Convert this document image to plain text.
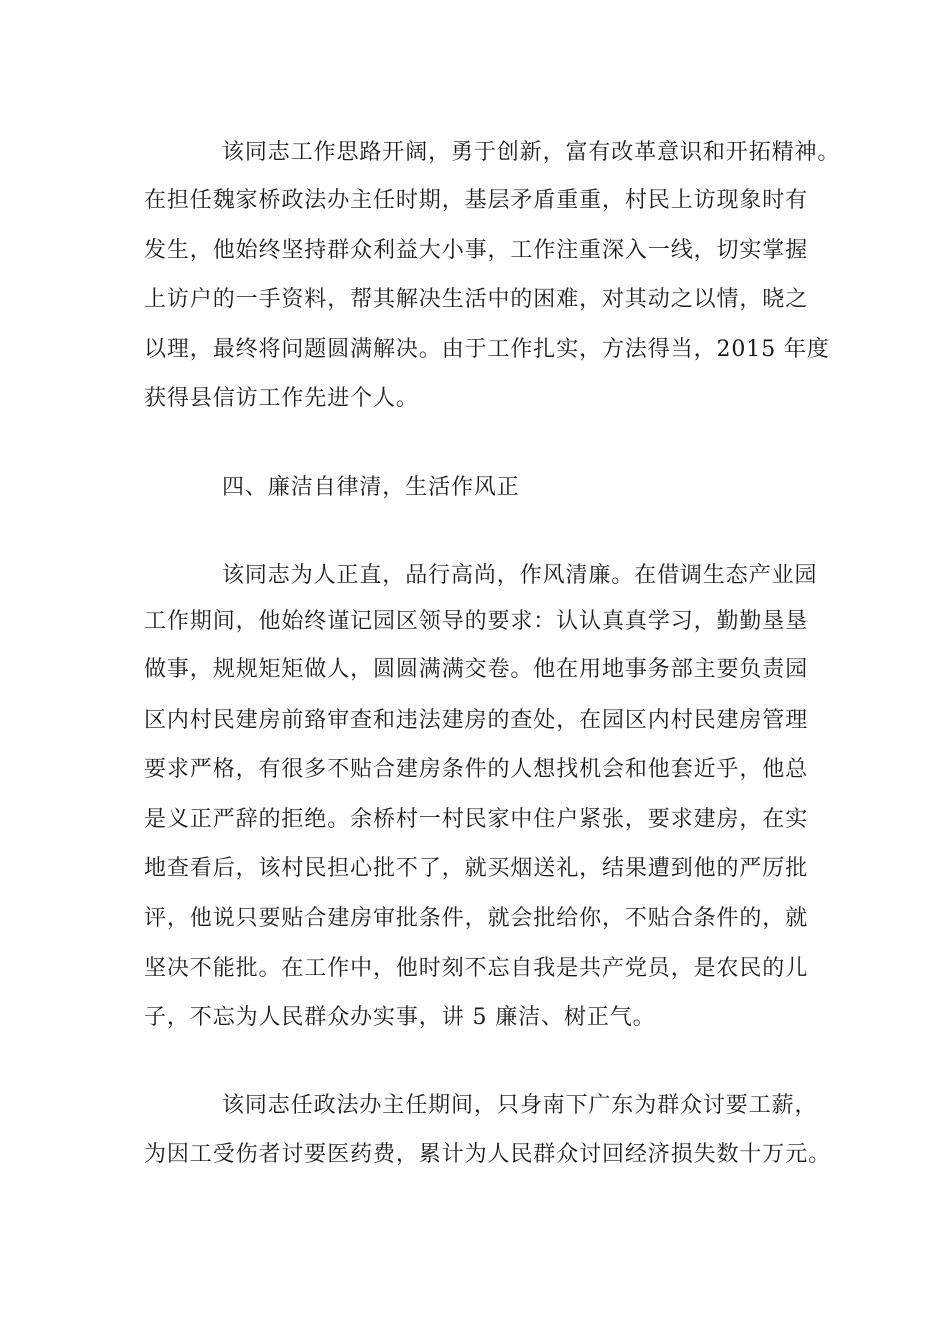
该同志工作思路开阔，勇于创新，富有改革意识和开拓精神。
在担任魏家桥政法办主任时期，基层矛盾重重，村民上访现象时有
发生，他始终坚持群众利益大小事，工作注重深入一线，切实掌握
上访户的一手资料，帮其解决生活中的困难，对其动之以情，晓之
以理，最终将问题圆满解决。由于工作扎实，方法得当，2015 年度
获得县信访工作先进个人。
四、廉洁自律清，生活作风正
该同志为人正直，品行高尚，作风清廉。在借调生态产业园
工作期间，他始终谨记园区领导的要求：认认真真学习，勤勤垦垦
做事，规规矩矩做人，圆圆满满交卷。他在用地事务部主要负责园
区内村民建房前臵审查和违法建房的查处，在园区内村民建房管理
要求严格，有很多不贴合建房条件的人想找机会和他套近乎，他总
是义正严辞的拒绝。余桥村一村民家中住户紧张，要求建房，在实
地查看后，该村民担心批不了，就买烟送礼，结果遭到他的严厉批
评，他说只要贴合建房审批条件，就会批给你，不贴合条件的，就
坚决不能批。在工作中，他时刻不忘自我是共产党员，是农民的儿
子，不忘为人民群众办实事，讲 5 廉洁、树正气。
该同志任政法办主任期间，只身南下广东为群众讨要工薪，
为因工受伤者讨要医药费，累计为人民群众讨回经济损失数十万元。
